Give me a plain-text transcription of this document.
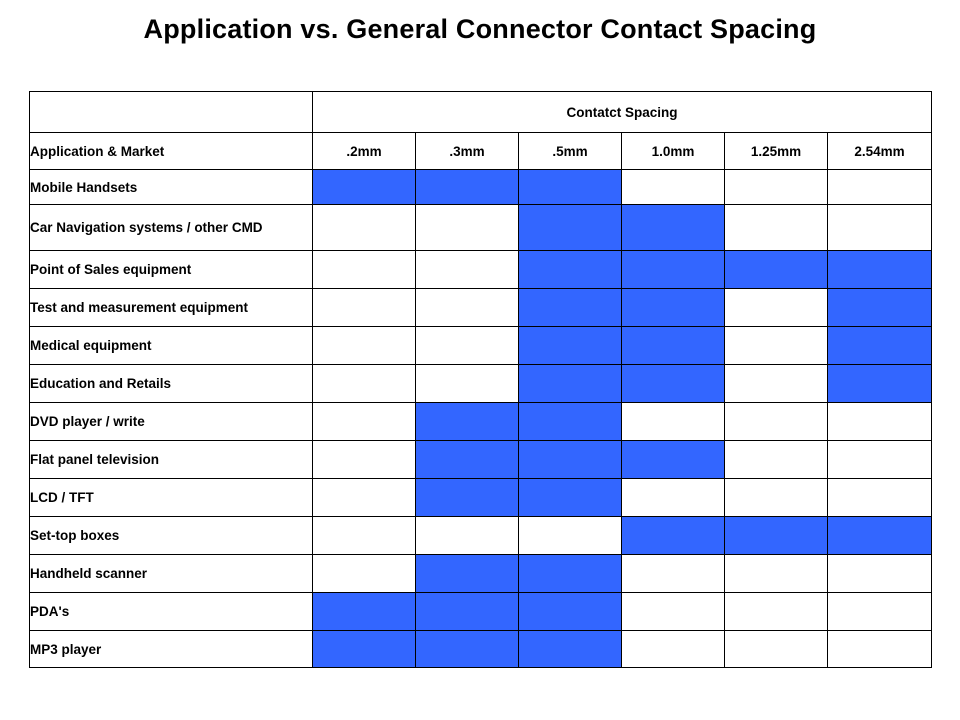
Application vs. General Connector Contact Spacing
	Contatct Spacing					
Application & Market	.2mm	.3mm	.5mm	1.0mm	1.25mm	2.54mm
Mobile Handsets						
Car Navigation systems / other CMD						
Point of Sales equipment						
Test and measurement equipment						
Medical equipment						
Education and Retails						
DVD player / write						
Flat panel television						
LCD / TFT						
Set-top boxes						
Handheld scanner						
PDA's						
MP3 player						
